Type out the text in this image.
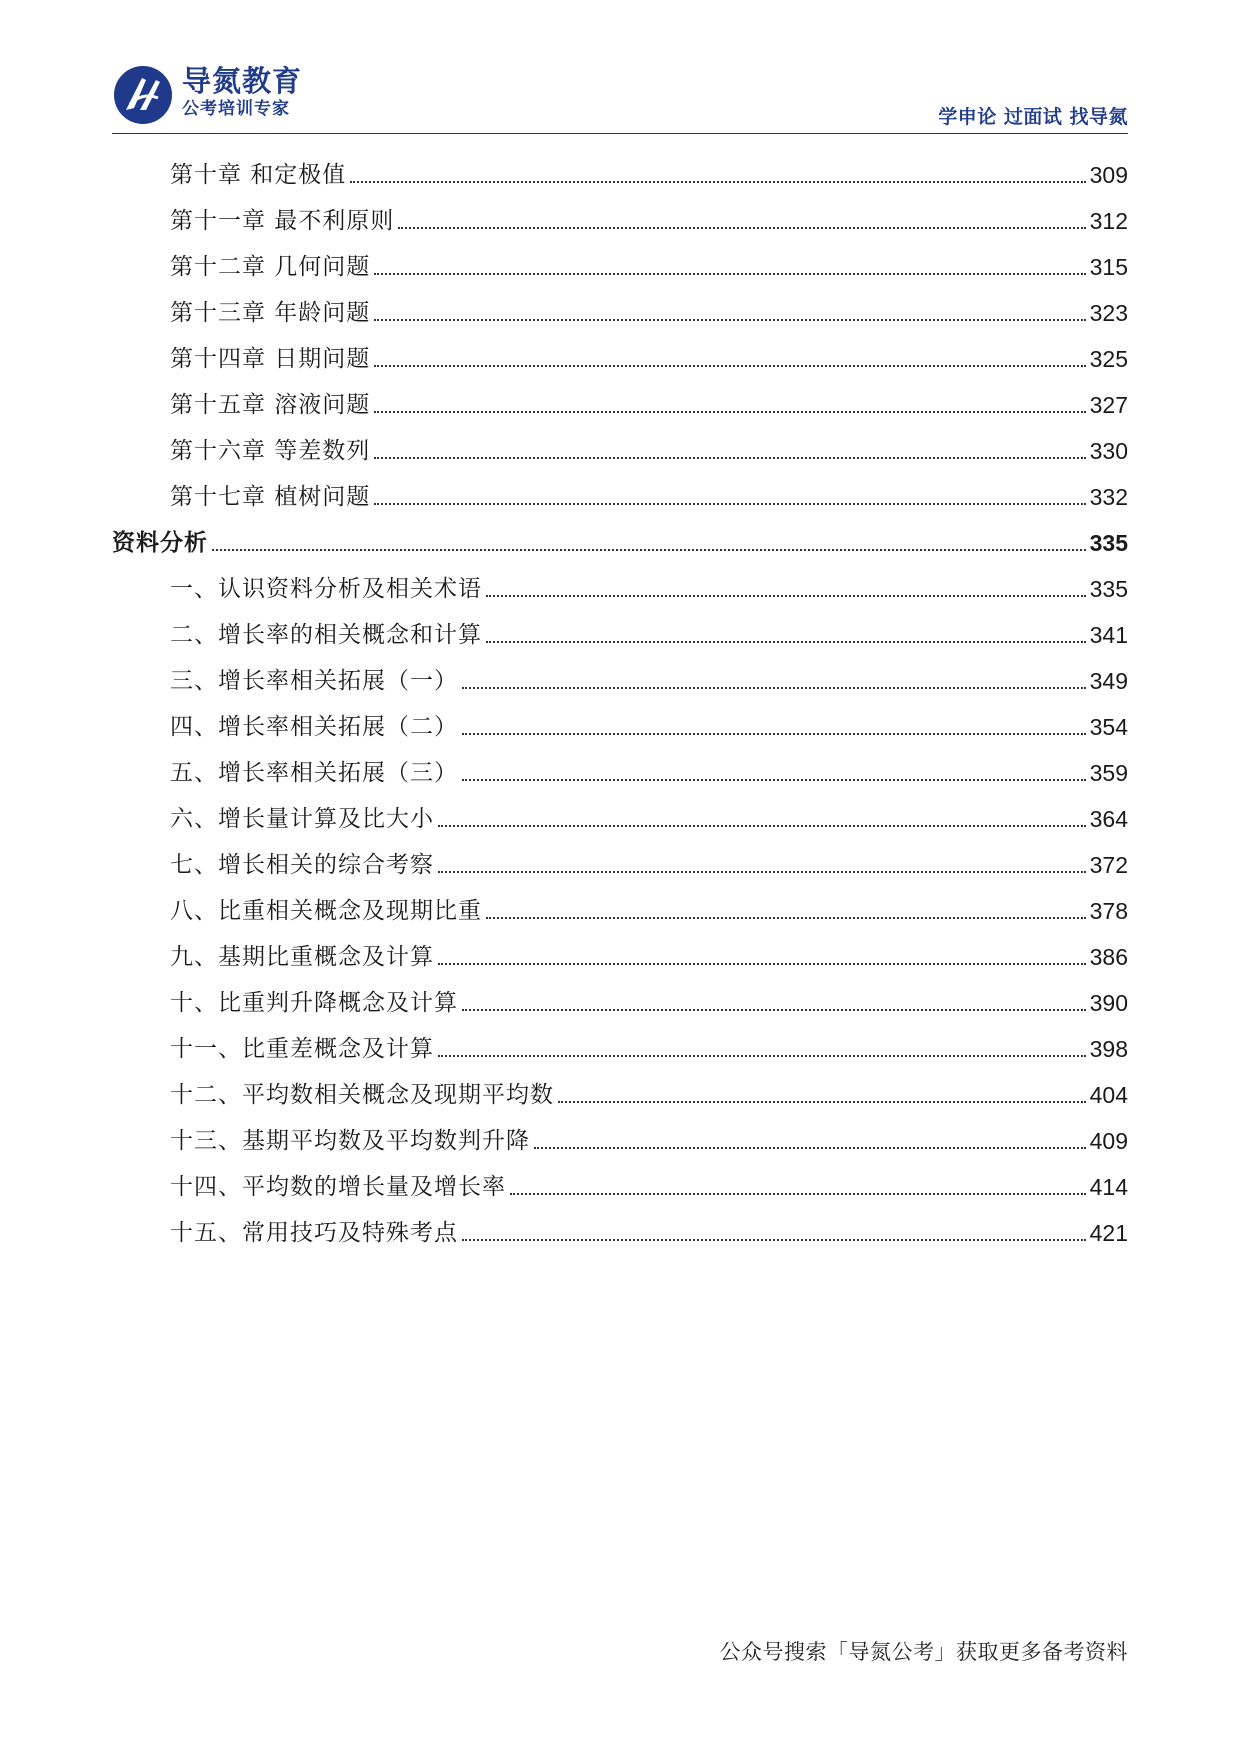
导氮教育
公考培训专家	学申论 过面试 找导氮
第十章 和定极值	309
第十一章 最不利原则	312
第十二章 几何问题	315
第十三章 年龄问题	323
第十四章 日期问题	325
第十五章 溶液问题	327
第十六章 等差数列	330
第十七章 植树问题	332
资料分析	335
一、认识资料分析及相关术语	335
二、增长率的相关概念和计算	341
三、增长率相关拓展（一）	349
四、增长率相关拓展（二）	354
五、增长率相关拓展（三）	359
六、增长量计算及比大小	364
七、增长相关的综合考察	372
八、比重相关概念及现期比重	378
九、基期比重概念及计算	386
十、比重判升降概念及计算	390
十一、比重差概念及计算	398
十二、平均数相关概念及现期平均数	404
十三、基期平均数及平均数判升降	409
十四、平均数的增长量及增长率	414
十五、常用技巧及特殊考点	421
公众号搜索「导氮公考」获取更多备考资料
